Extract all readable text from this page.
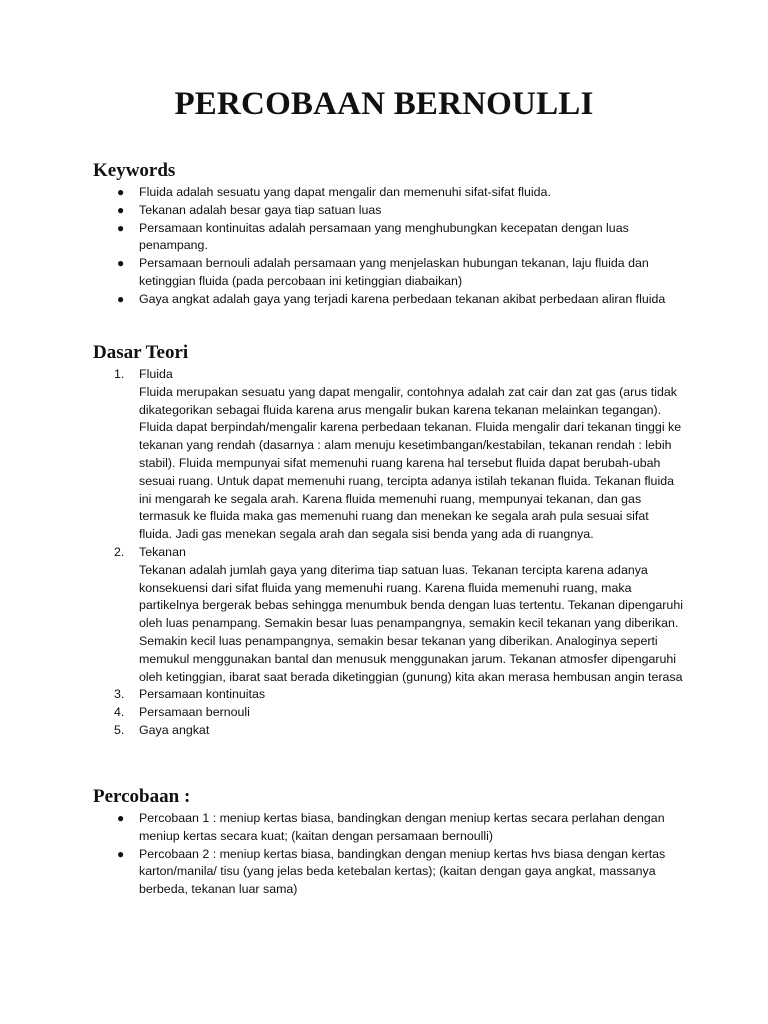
PERCOBAAN BERNOULLI
Keywords
● Fluida adalah sesuatu yang dapat mengalir dan memenuhi sifat-sifat fluida.
● Tekanan adalah besar gaya tiap satuan luas
● Persamaan kontinuitas adalah persamaan yang menghubungkan kecepatan dengan luas penampang.
● Persamaan bernouli adalah persamaan yang menjelaskan hubungan tekanan, laju fluida dan ketinggian fluida (pada percobaan ini ketinggian diabaikan)
● Gaya angkat adalah gaya yang terjadi karena perbedaan tekanan akibat perbedaan aliran fluida
Dasar Teori
1. Fluida
Fluida merupakan sesuatu yang dapat mengalir, contohnya adalah zat cair dan zat gas (arus tidak dikategorikan sebagai fluida karena arus mengalir bukan karena tekanan melainkan tegangan). Fluida dapat berpindah/mengalir karena perbedaan tekanan. Fluida mengalir dari tekanan tinggi ke tekanan yang rendah (dasarnya : alam menuju kesetimbangan/kestabilan, tekanan rendah : lebih stabil). Fluida mempunyai sifat memenuhi ruang karena hal tersebut fluida dapat berubah-ubah sesuai ruang. Untuk dapat memenuhi ruang, tercipta adanya istilah tekanan fluida. Tekanan fluida ini mengarah ke segala arah. Karena fluida memenuhi ruang, mempunyai tekanan, dan gas termasuk ke fluida maka gas memenuhi ruang dan menekan ke segala arah pula sesuai sifat fluida. Jadi gas menekan segala arah dan segala sisi benda yang ada di ruangnya.
2. Tekanan
Tekanan adalah jumlah gaya yang diterima tiap satuan luas. Tekanan tercipta karena adanya konsekuensi dari sifat fluida yang memenuhi ruang. Karena fluida memenuhi ruang, maka partikelnya bergerak bebas sehingga menumbuk benda dengan luas tertentu. Tekanan dipengaruhi oleh luas penampang. Semakin besar luas penampangnya, semakin kecil tekanan yang diberikan. Semakin kecil luas penampangnya, semakin besar tekanan yang diberikan. Analoginya seperti memukul menggunakan bantal dan menusuk menggunakan jarum. Tekanan atmosfer dipengaruhi oleh ketinggian, ibarat saat berada diketinggian (gunung) kita akan merasa hembusan angin terasa
3. Persamaan kontinuitas
4. Persamaan bernouli
5. Gaya angkat
Percobaan :
● Percobaan 1 : meniup kertas biasa, bandingkan dengan meniup kertas secara perlahan dengan meniup kertas secara kuat; (kaitan dengan persamaan bernoulli)
● Percobaan 2 : meniup kertas biasa, bandingkan dengan meniup kertas hvs biasa dengan kertas karton/manila/ tisu (yang jelas beda ketebalan kertas); (kaitan dengan gaya angkat, massanya berbeda, tekanan luar sama)
